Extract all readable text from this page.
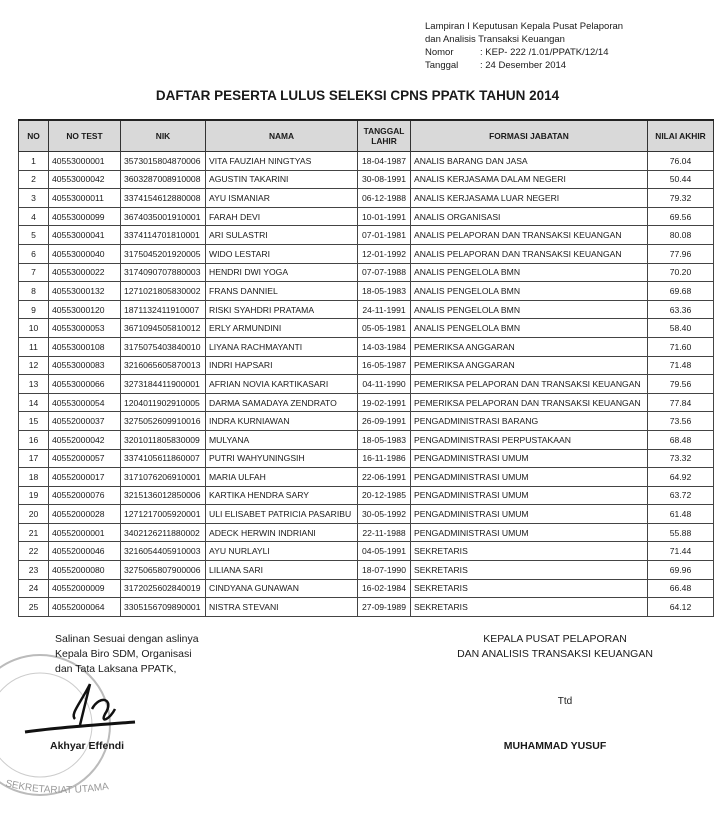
Lampiran I Keputusan Kepala Pusat Pelaporan
dan Analisis Transaksi Keuangan
Nomor	: KEP- 222 /1.01/PPATK/12/14
Tanggal	: 24 Desember 2014
DAFTAR PESERTA LULUS SELEKSI CPNS PPATK TAHUN 2014
NO	NO TEST	NIK	NAMA	TANGGAL LAHIR	FORMASI JABATAN	NILAI AKHIR
1	40553000001	3573015804870006	VITA FAUZIAH NINGTYAS	18-04-1987	ANALIS BARANG DAN JASA	76.04
2	40553000042	3603287008910008	AGUSTIN TAKARINI	30-08-1991	ANALIS KERJASAMA DALAM NEGERI	50.44
3	40553000011	3374154612880008	AYU ISMANIAR	06-12-1988	ANALIS KERJASAMA LUAR NEGERI	79.32
4	40553000099	3674035001910001	FARAH DEVI	10-01-1991	ANALIS ORGANISASI	69.56
5	40553000041	3374114701810001	ARI SULASTRI	07-01-1981	ANALIS PELAPORAN DAN TRANSAKSI KEUANGAN	80.08
6	40553000040	3175045201920005	WIDO LESTARI	12-01-1992	ANALIS PELAPORAN DAN TRANSAKSI KEUANGAN	77.96
7	40553000022	3174090707880003	HENDRI DWI YOGA	07-07-1988	ANALIS PENGELOLA BMN	70.20
8	40553000132	1271021805830002	FRANS DANNIEL	18-05-1983	ANALIS PENGELOLA BMN	69.68
9	40553000120	1871132411910007	RISKI SYAHDRI PRATAMA	24-11-1991	ANALIS PENGELOLA BMN	63.36
10	40553000053	3671094505810012	ERLY ARMUNDINI	05-05-1981	ANALIS PENGELOLA BMN	58.40
11	40553000108	3175075403840010	LIYANA RACHMAYANTI	14-03-1984	PEMERIKSA ANGGARAN	71.60
12	40553000083	3216065605870013	INDRI HAPSARI	16-05-1987	PEMERIKSA ANGGARAN	71.48
13	40553000066	3273184411900001	AFRIAN NOVIA KARTIKASARI	04-11-1990	PEMERIKSA PELAPORAN DAN TRANSAKSI KEUANGAN	79.56
14	40553000054	1204011902910005	DARMA SAMADAYA ZENDRATO	19-02-1991	PEMERIKSA PELAPORAN DAN TRANSAKSI KEUANGAN	77.84
15	40552000037	3275052609910016	INDRA KURNIAWAN	26-09-1991	PENGADMINISTRASI BARANG	73.56
16	40552000042	3201011805830009	MULYANA	18-05-1983	PENGADMINISTRASI PERPUSTAKAAN	68.48
17	40552000057	3374105611860007	PUTRI WAHYUNINGSIH	16-11-1986	PENGADMINISTRASI UMUM	73.32
18	40552000017	3171076206910001	MARIA ULFAH	22-06-1991	PENGADMINISTRASI UMUM	64.92
19	40552000076	3215136012850006	KARTIKA HENDRA SARY	20-12-1985	PENGADMINISTRASI UMUM	63.72
20	40552000028	1271217005920001	ULI ELISABET PATRICIA PASARIBU	30-05-1992	PENGADMINISTRASI UMUM	61.48
21	40552000001	3402126211880002	ADECK HERWIN INDRIANI	22-11-1988	PENGADMINISTRASI UMUM	55.88
22	40552000046	3216054405910003	AYU NURLAYLI	04-05-1991	SEKRETARIS	71.44
23	40552000080	3275065807900006	LILIANA SARI	18-07-1990	SEKRETARIS	69.96
24	40552000009	3172025602840019	CINDYANA GUNAWAN	16-02-1984	SEKRETARIS	66.48
25	40552000064	3305156709890001	NISTRA STEVANI	27-09-1989	SEKRETARIS	64.12
SEKRETARIAT UTAMA
Salinan Sesuai dengan aslinya
Kepala Biro SDM, Organisasi
dan Tata Laksana PPATK,
KEPALA PUSAT PELAPORAN
DAN ANALISIS TRANSAKSI KEUANGAN
Ttd
Akhyar Effendi	MUHAMMAD YUSUF
